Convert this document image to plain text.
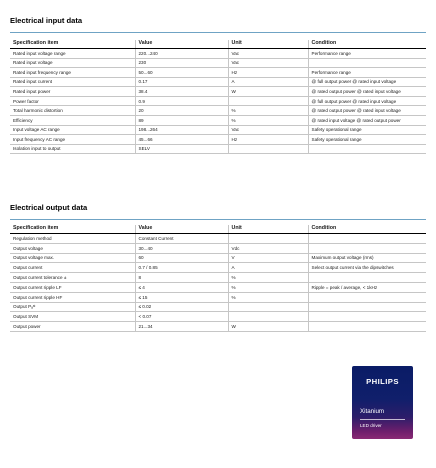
Electrical input data
Specification item	Value	Unit	Condition
Rated input voltage range	220...240	Vac	Performance range
Rated input voltage	230	Vac	
Rated input frequency range	50...60	Hz	Performance range
Rated input current	0.17	A	@ full output power @ rated input voltage
Rated input power	38.4	W	@ rated output power @ rated input voltage
Power factor	0.9		@ full output power @ rated input voltage
Total harmonic distortion	20	%	@ rated output power @ rated input voltage
Efficiency	89	%	@ rated input voltage @ rated output power
Input voltage AC range	198...264	Vac	Safety operational range
Input frequency AC range	45...66	Hz	Safety operational range
Isolation input to output	SELV		
Electrical output data
Specification item	Value	Unit	Condition
Regulation method	Constant Current		
Output voltage	30...40	Vdc	
Output voltage max.	60	V	Maximum output voltage (rms)
Output current	0.7 / 0.85	A	Select output current via the dipswitches
Output current tolerance ±	8	%	
Output current ripple LF	≤ 4	%	Ripple = peak / average, < 1kHz
Output current ripple HF	≤ 15	%	
Output Pₐˢᵗ	≤ 0.02		
Output SVM	< 0.07		
Output power	21...34	W	
PHILIPS
Xitanium
LED driver
